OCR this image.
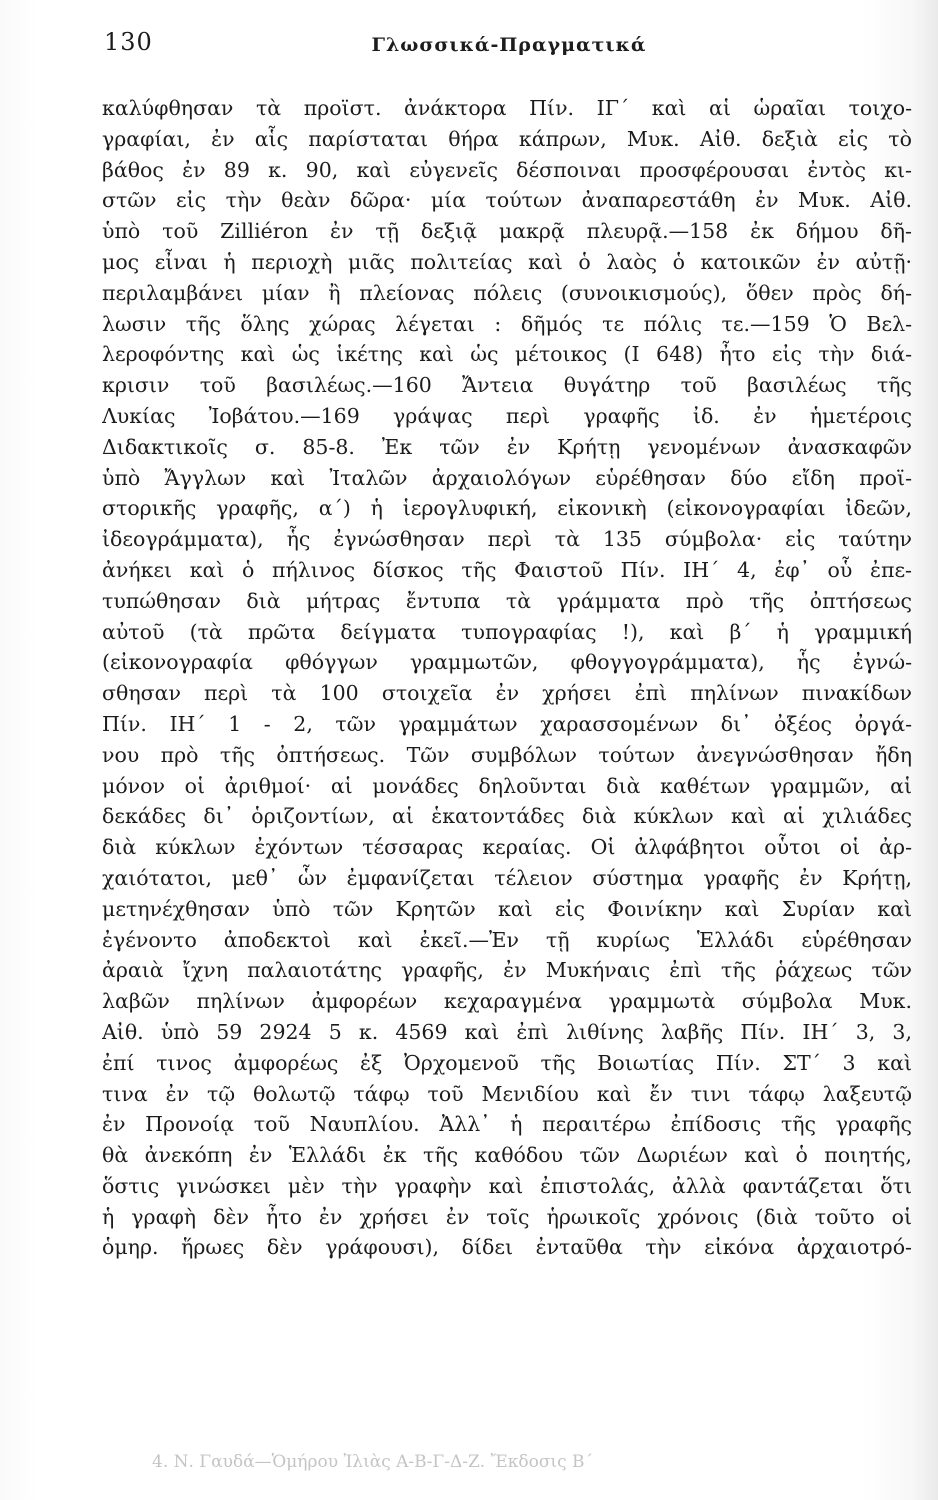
130	Γλωσσικά-Πραγματικά
καλύφθησαν τὰ προϊστ. ἀνάκτορα Πίν. ΙΓ΄ καὶ αἱ ὡραῖαι τοιχο-
γραφίαι, ἐν αἷς παρίσταται θήρα κάπρων, Μυκ. Αἰθ. δεξιὰ εἰς τὸ
βάθος ἐν 89 κ. 90, καὶ εὐγενεῖς δέσποιναι προσφέρουσαι ἐντὸς κι-
στῶν εἰς τὴν θεὰν δῶρα· μία τούτων ἀναπαρεστάθη ἐν Μυκ. Αἰθ.
ὑπὸ τοῦ Zilliéron ἐν τῇ δεξιᾷ μακρᾷ πλευρᾷ.—158 ἐκ δήμου δῆ-
μος εἶναι ἡ περιοχὴ μιᾶς πολιτείας καὶ ὁ λαὸς ὁ κατοικῶν ἐν αὐτῇ·
περιλαμβάνει μίαν ἢ πλείονας πόλεις (συνοικισμούς), ὅθεν πρὸς δή-
λωσιν τῆς ὅλης χώρας λέγεται : δῆμός τε πόλις τε.—159 Ὁ Βελ-
λεροφόντης καὶ ὡς ἱκέτης καὶ ὡς μέτοικος (Ι 648) ἦτο εἰς τὴν διά-
κρισιν τοῦ βασιλέως.—160 Ἄντεια θυγάτηρ τοῦ βασιλέως τῆς
Λυκίας Ἰοβάτου.—169 γράψας περὶ γραφῆς ἰδ. ἐν ἡμετέροις
Διδακτικοῖς σ. 85-8. Ἐκ τῶν ἐν Κρήτῃ γενομένων ἀνασκαφῶν
ὑπὸ Ἄγγλων καὶ Ἰταλῶν ἀρχαιολόγων εὑρέθησαν δύο εἴδη προϊ-
στορικῆς γραφῆς, α΄) ἡ ἱερογλυφική, εἰκονικὴ (εἰκονογραφίαι ἰδεῶν,
ἰδεογράμματα), ἧς ἐγνώσθησαν περὶ τὰ 135 σύμβολα· εἰς ταύτην
ἀνήκει καὶ ὁ πήλινος δίσκος τῆς Φαιστοῦ Πίν. ΙΗ΄ 4, ἐφ᾽ οὗ ἐπε-
τυπώθησαν διὰ μήτρας ἔντυπα τὰ γράμματα πρὸ τῆς ὀπτήσεως
αὐτοῦ (τὰ πρῶτα δείγματα τυπογραφίας !), καὶ β΄ ἡ γραμμική
(εἰκονογραφία φθόγγων γραμμωτῶν, φθογγογράμματα), ἧς ἐγνώ-
σθησαν περὶ τὰ 100 στοιχεῖα ἐν χρήσει ἐπὶ πηλίνων πινακίδων
Πίν. ΙΗ΄ 1 - 2, τῶν γραμμάτων χαρασσομένων δι᾽ ὀξέος ὀργά-
νου πρὸ τῆς ὀπτήσεως. Τῶν συμβόλων τούτων ἀνεγνώσθησαν ἤδη
μόνον οἱ ἀριθμοί· αἱ μονάδες δηλοῦνται διὰ καθέτων γραμμῶν, αἱ
δεκάδες δι᾽ ὁριζοντίων, αἱ ἑκατοντάδες διὰ κύκλων καὶ αἱ χιλιάδες
διὰ κύκλων ἐχόντων τέσσαρας κεραίας. Οἱ ἀλφάβητοι οὗτοι οἱ ἀρ-
χαιότατοι, μεθ᾽ ὧν ἐμφανίζεται τέλειον σύστημα γραφῆς ἐν Κρήτῃ,
μετηνέχθησαν ὑπὸ τῶν Κρητῶν καὶ εἰς Φοινίκην καὶ Συρίαν καὶ
ἐγένοντο ἀποδεκτοὶ καὶ ἐκεῖ.—Ἐν τῇ κυρίως Ἑλλάδι εὑρέθησαν
ἀραιὰ ἴχνη παλαιοτάτης γραφῆς, ἐν Μυκήναις ἐπὶ τῆς ῥάχεως τῶν
λαβῶν πηλίνων ἀμφορέων κεχαραγμένα γραμμωτὰ σύμβολα Μυκ.
Αἰθ. ὑπὸ 59 2924 5 κ. 4569 καὶ ἐπὶ λιθίνης λαβῆς Πίν. ΙΗ΄ 3, 3,
ἐπί τινος ἀμφορέως ἐξ Ὀρχομενοῦ τῆς Βοιωτίας Πίν. ΣΤ΄ 3 καὶ
τινα ἐν τῷ θολωτῷ τάφῳ τοῦ Μενιδίου καὶ ἔν τινι τάφῳ λαξευτῷ
ἐν Προνοίᾳ τοῦ Ναυπλίου. Ἀλλ᾽ ἡ περαιτέρω ἐπίδοσις τῆς γραφῆς
θὰ ἀνεκόπη ἐν Ἑλλάδι ἐκ τῆς καθόδου τῶν Δωριέων καὶ ὁ ποιητής,
ὅστις γινώσκει μὲν τὴν γραφὴν καὶ ἐπιστολάς, ἀλλὰ φαντάζεται ὅτι
ἡ γραφὴ δὲν ἦτο ἐν χρήσει ἐν τοῖς ἡρωικοῖς χρόνοις (διὰ τοῦτο οἱ
ὁμηρ. ἥρωες δὲν γράφουσι), δίδει ἐνταῦθα τὴν εἰκόνα ἀρχαιοτρό-
4. Ν. Γαυδά—Ὁμήρου Ἰλιὰς Α-Β-Γ-Δ-Ζ. Ἔκδοσις Β΄
